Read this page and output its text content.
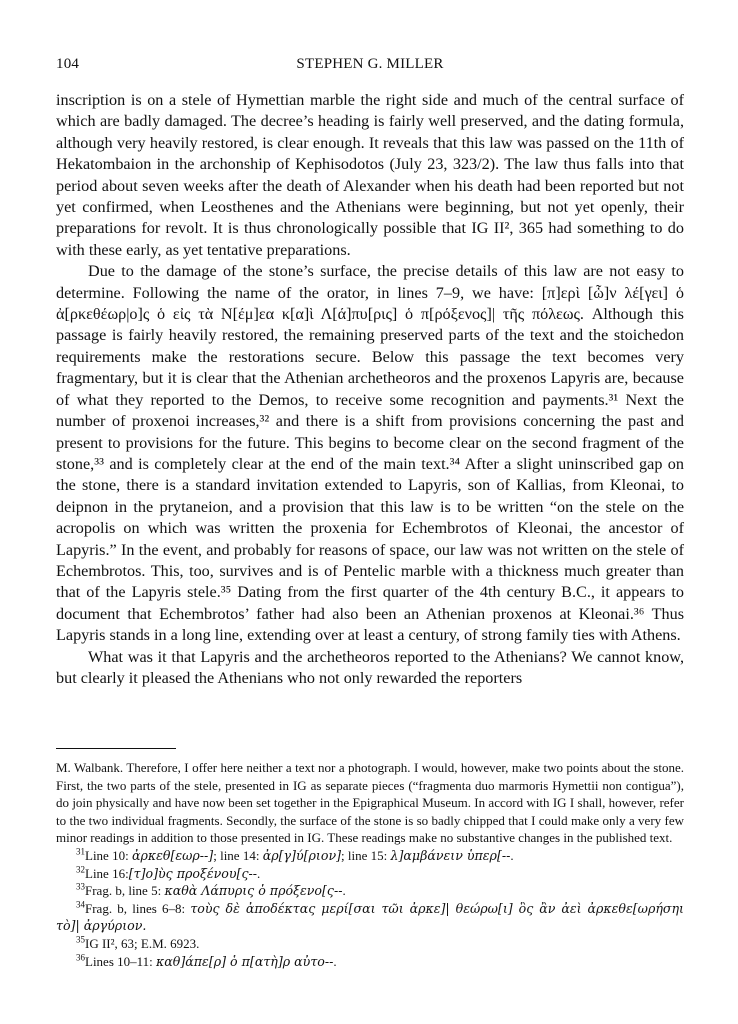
104	STEPHEN G. MILLER

inscription is on a stele of Hymettian marble the right side and much of the central surface of which are badly damaged. The decree’s heading is fairly well preserved, and the dating formula, although very heavily restored, is clear enough. It reveals that this law was passed on the 11th of Hekatombaion in the archonship of Kephisodotos (July 23, 323/2). The law thus falls into that period about seven weeks after the death of Alexander when his death had been reported but not yet confirmed, when Leosthenes and the Athenians were beginning, but not yet openly, their preparations for revolt. It is thus chronologically possible that IG II², 365 had something to do with these early, as yet tentative preparations.

Due to the damage of the stone’s surface, the precise details of this law are not easy to determine. Following the name of the orator, in lines 7–9, we have: [π]ερὶ [ὧ]ν λέ[γει] ὁ ἀ[ρκεθέωρ|ο]ς ὁ εἰς τὰ Ν[έμ]εα κ[α]ὶ Λ[ά]πυ[ρις] ὁ π[ρόξενος]| τῆς πόλεως. Although this passage is fairly heavily restored, the remaining preserved parts of the text and the stoichedon requirements make the restorations secure. Below this passage the text becomes very fragmentary, but it is clear that the Athenian archetheoros and the proxenos Lapyris are, because of what they reported to the Demos, to receive some recognition and payments.³¹ Next the number of proxenoi increases,³² and there is a shift from provisions concerning the past and present to provisions for the future. This begins to become clear on the second fragment of the stone,³³ and is completely clear at the end of the main text.³⁴ After a slight uninscribed gap on the stone, there is a standard invitation extended to Lapyris, son of Kallias, from Kleonai, to deipnon in the prytaneion, and a provision that this law is to be written “on the stele on the acropolis on which was written the proxenia for Echembrotos of Kleonai, the ancestor of Lapyris.” In the event, and probably for reasons of space, our law was not written on the stele of Echembrotos. This, too, survives and is of Pentelic marble with a thickness much greater than that of the Lapyris stele.³⁵ Dating from the first quarter of the 4th century B.C., it appears to document that Echembrotos’ father had also been an Athenian proxenos at Kleonai.³⁶ Thus Lapyris stands in a long line, extending over at least a century, of strong family ties with Athens.

What was it that Lapyris and the archetheoros reported to the Athenians? We cannot know, but clearly it pleased the Athenians who not only rewarded the reporters

M. Walbank. Therefore, I offer here neither a text nor a photograph. I would, however, make two points about the stone. First, the two parts of the stele, presented in IG as separate pieces (“fragmenta duo marmoris Hymettii non contigua”), do join physically and have now been set together in the Epigraphical Museum. In accord with IG I shall, however, refer to the two individual fragments. Secondly, the surface of the stone is so badly chipped that I could make only a very few minor readings in addition to those presented in IG. These readings make no substantive changes in the published text.

$^{31}$Line 10: ἀρκεθ[εωρ--]; line 14: ἀρ[γ]ύ[ριον]; line 15: λ]αμβάνειν ὑπερ[--.

$^{32}$Line 16:[τ]ο]ὺς προξένου[ς--.

$^{33}$Frag. b, line 5: καθὰ Λάπυρις ὁ πρόξενο[ς--.

$^{34}$Frag. b, lines 6–8: τοὺς δὲ ἀποδέκτας μερί[σαι τῶι ἀρκε]| θεώρω[ι] ὃς ἂν ἀεὶ ἀρκεθε[ωρήσηι τὸ]| ἀργύριον.

$^{35}$IG II², 63; E.M. 6923.

$^{36}$Lines 10–11: καθ]άπε[ρ] ὁ π[ατὴ]ρ αὐτο--.
